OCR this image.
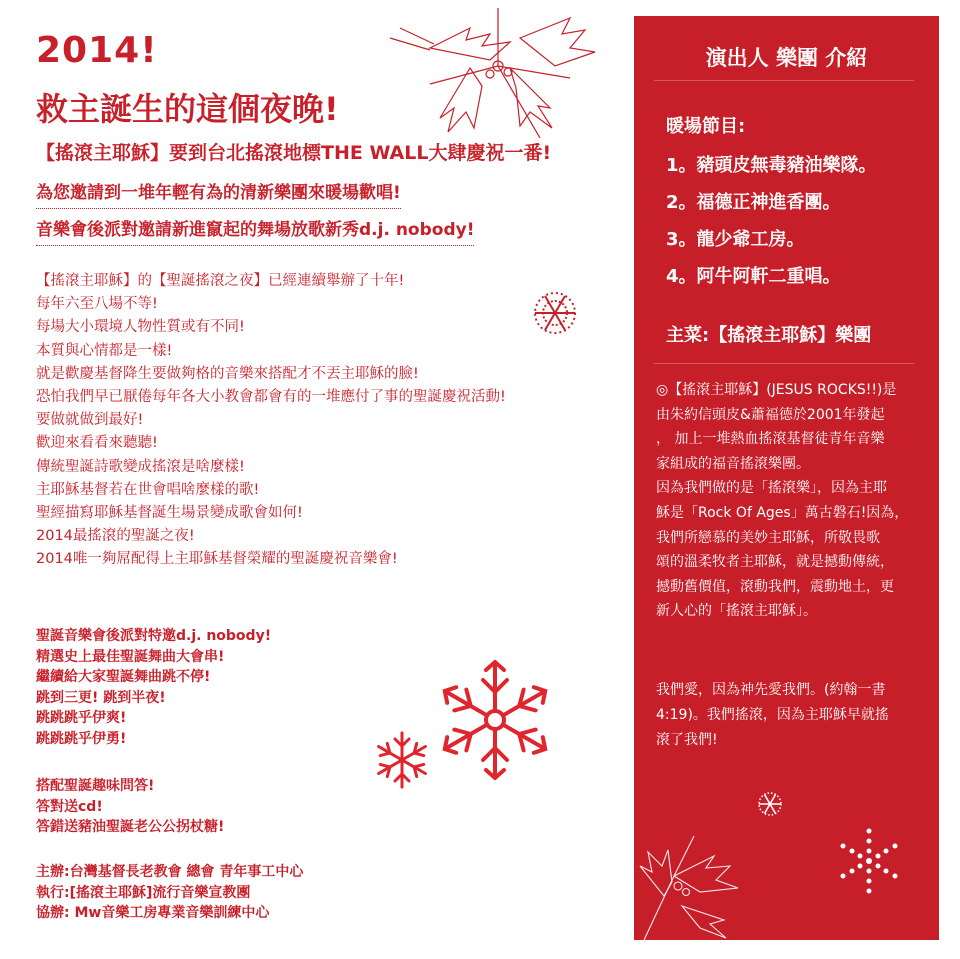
2014!
救主誕生的這個夜晚!
【搖滾主耶穌】要到台北搖滾地標THE WALL大肆慶祝一番!
為您邀請到一堆年輕有為的清新樂團來暖場歡唱!
音樂會後派對邀請新進竄起的舞場放歌新秀d.j. nobody!
【搖滾主耶穌】的【聖誕搖滾之夜】已經連續舉辦了十年!
每年六至八場不等!
每場大小環境人物性質或有不同!
本質與心情都是一樣!
就是歡慶基督降生要做夠格的音樂來搭配才不丟主耶穌的臉!
恐怕我們早已厭倦每年各大小教會都會有的一堆應付了事的聖誕慶祝活動!
要做就做到最好!
歡迎來看看來聽聽!
傳統聖誕詩歌變成搖滾是啥麼樣!
主耶穌基督若在世會唱啥麼樣的歌!
聖經描寫耶穌基督誕生場景變成歌會如何!
2014最搖滾的聖誕之夜!
2014唯一夠屌配得上主耶穌基督榮耀的聖誕慶祝音樂會!
聖誕音樂會後派對特邀d.j. nobody!
精選史上最佳聖誕舞曲大會串!
繼續給大家聖誕舞曲跳不停!
跳到三更! 跳到半夜!
跳跳跳乎伊爽!
跳跳跳乎伊勇!
搭配聖誕趣味問答!
答對送cd!
答錯送豬油聖誕老公公拐杖糖!
主辦:台灣基督長老教會 總會 青年事工中心
執行:[搖滾主耶穌]流行音樂宣教團
協辦: Mw音樂工房專業音樂訓練中心
演出人 樂團 介紹
暖場節目:
1。豬頭皮無毒豬油樂隊。
2。福德正神進香團。
3。龍少爺工房。
4。阿牛阿軒二重唱。
主菜:【搖滾主耶穌】樂團
◎【搖滾主耶穌】(JESUS ROCKS!!)是
由朱約信頭皮&蕭福德於2001年發起
， 加上一堆熱血搖滾基督徒青年音樂
家組成的福音搖滾樂團。
因為我們做的是「搖滾樂」，因為主耶
穌是「Rock Of Ages」萬古磐石!因為，
我們所戀慕的美妙主耶穌，所敬畏歌
頌的溫柔牧者主耶穌，就是撼動傳統，
撼動舊價值，滾動我們，震動地土，更
新人心的「搖滾主耶穌」。
我們愛，因為神先愛我們。(約翰一書
4:19)。我們搖滾，因為主耶穌早就搖
滾了我們!
